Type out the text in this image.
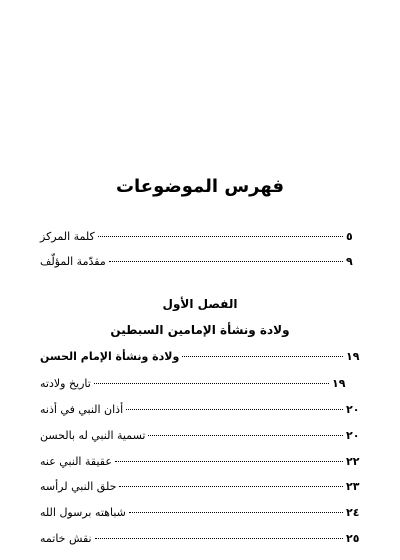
فهرس الموضوعات
كلمة المركز	٥
مقدّمة المؤلّف	٩
الفصل الأول
ولادة ونشأة الإمامين السبطين
ولادة ونشأة الإمام الحسن	١٩
تاريخ ولادته	١٩
أذان النبي في أذنه	٢٠
تسمية النبي له بالحسن	٢٠
عقيقة النبي عنه	٢٢
حلق النبي لرأسه	٢٣
شباهته برسول الله	٢٤
نقش خاتمه	٢٥
